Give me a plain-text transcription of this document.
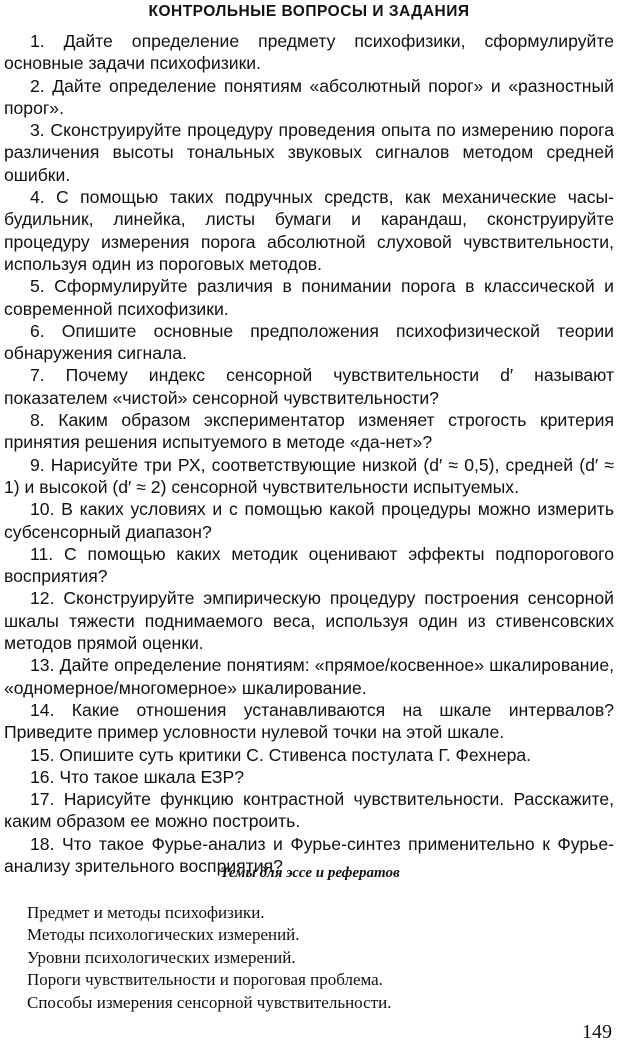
КОНТРОЛЬНЫЕ ВОПРОСЫ И ЗАДАНИЯ
1. Дайте определение предмету психофизики, сформулируйте основные задачи психофизики.
2. Дайте определение понятиям «абсолютный порог» и «разностный порог».
3. Сконструируйте процедуру проведения опыта по измерению порога различения высоты тональных звуковых сигналов методом средней ошибки.
4. С помощью таких подручных средств, как механические часы-будильник, линейка, листы бумаги и карандаш, сконструируйте процедуру измерения порога абсолютной слуховой чувствительности, используя один из пороговых методов.
5. Сформулируйте различия в понимании порога в классической и современной психофизики.
6. Опишите основные предположения психофизической теории обнаружения сигнала.
7. Почему индекс сенсорной чувствительности d′ называют показателем «чистой» сенсорной чувствительности?
8. Каким образом экспериментатор изменяет строгость критерия принятия решения испытуемого в методе «да-нет»?
9. Нарисуйте три РХ, соответствующие низкой (d′ ≈ 0,5), средней (d′ ≈ 1) и высокой (d′ ≈ 2) сенсорной чувствительности испытуемых.
10. В каких условиях и с помощью какой процедуры можно измерить субсенсорный диапазон?
11. С помощью каких методик оценивают эффекты подпорогового восприятия?
12. Сконструируйте эмпирическую процедуру построения сенсорной шкалы тяжести поднимаемого веса, используя один из стивенсовских методов прямой оценки.
13. Дайте определение понятиям: «прямое/косвенное» шкалирование, «одномерное/многомерное» шкалирование.
14. Какие отношения устанавливаются на шкале интервалов? Приведите пример условности нулевой точки на этой шкале.
15. Опишите суть критики С. Стивенса постулата Г. Фехнера.
16. Что такое шкала ЕЗР?
17. Нарисуйте функцию контрастной чувствительности. Расскажите, каким образом ее можно построить.
18. Что такое Фурье-анализ и Фурье-синтез применительно к Фурье-анализу зрительного восприятия?
Темы для эссе и рефератов
Предмет и методы психофизики.
Методы психологических измерений.
Уровни психологических измерений.
Пороги чувствительности и пороговая проблема.
Способы измерения сенсорной чувствительности.
149
